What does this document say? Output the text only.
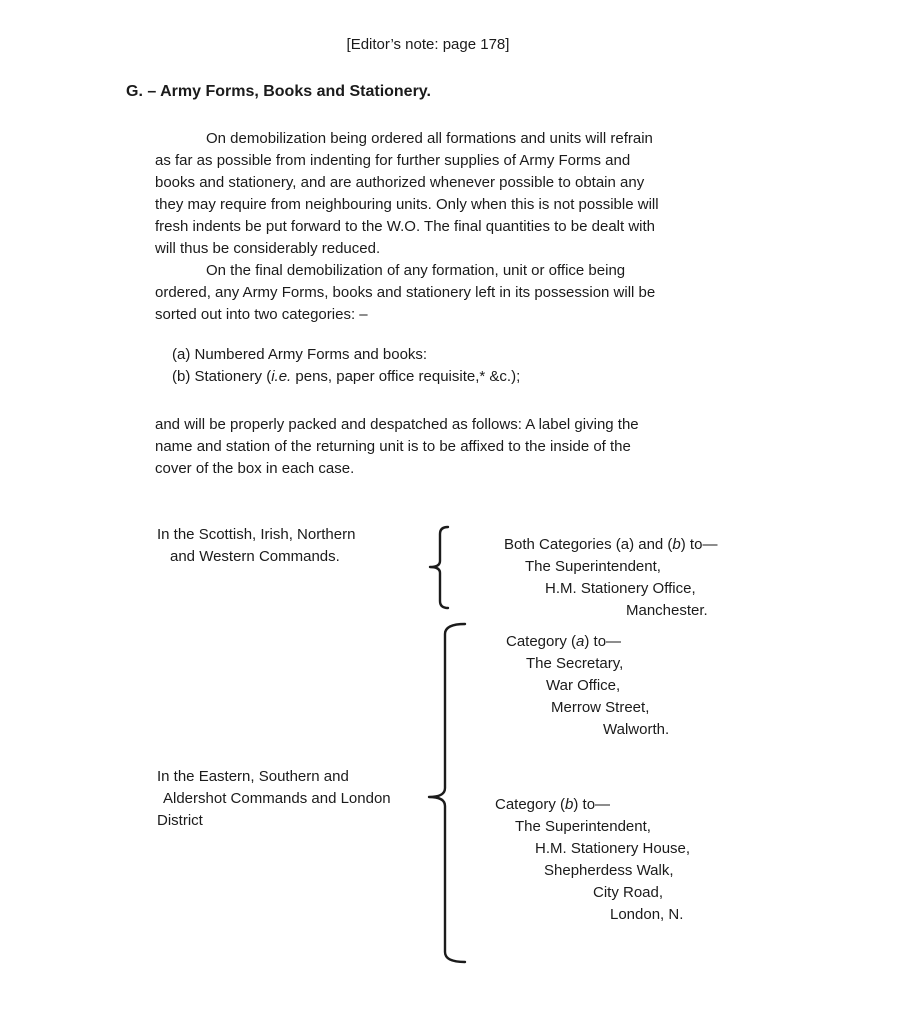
[Editor’s note: page 178]
G. – Army Forms, Books and Stationery.
On demobilization being ordered all formations and units will refrain
as far as possible from indenting for further supplies of Army Forms and
books and stationery, and are authorized whenever possible to obtain any
they may require from neighbouring units. Only when this is not possible will
fresh indents be put forward to the W.O. The final quantities to be dealt with
will thus be considerably reduced.
On the final demobilization of any formation, unit or office being
ordered, any Army Forms, books and stationery left in its possession will be
sorted out into two categories: –
(a) Numbered Army Forms and books:
(b) Stationery (i.e. pens, paper office requisite,* &c.);
and will be properly packed and despatched as follows: A label giving the
name and station of the returning unit is to be affixed to the inside of the
cover of the box in each case.
In the Scottish, Irish, Northern
and Western Commands.
Both Categories (a) and (b) to—
The Superintendent,
H.M. Stationery Office,
Manchester.
Category (a) to—
The Secretary,
War Office,
Merrow Street,
Walworth.
In the Eastern, Southern and
Aldershot Commands and London
District
Category (b) to—
The Superintendent,
H.M. Stationery House,
Shepherdess Walk,
City Road,
London, N.
